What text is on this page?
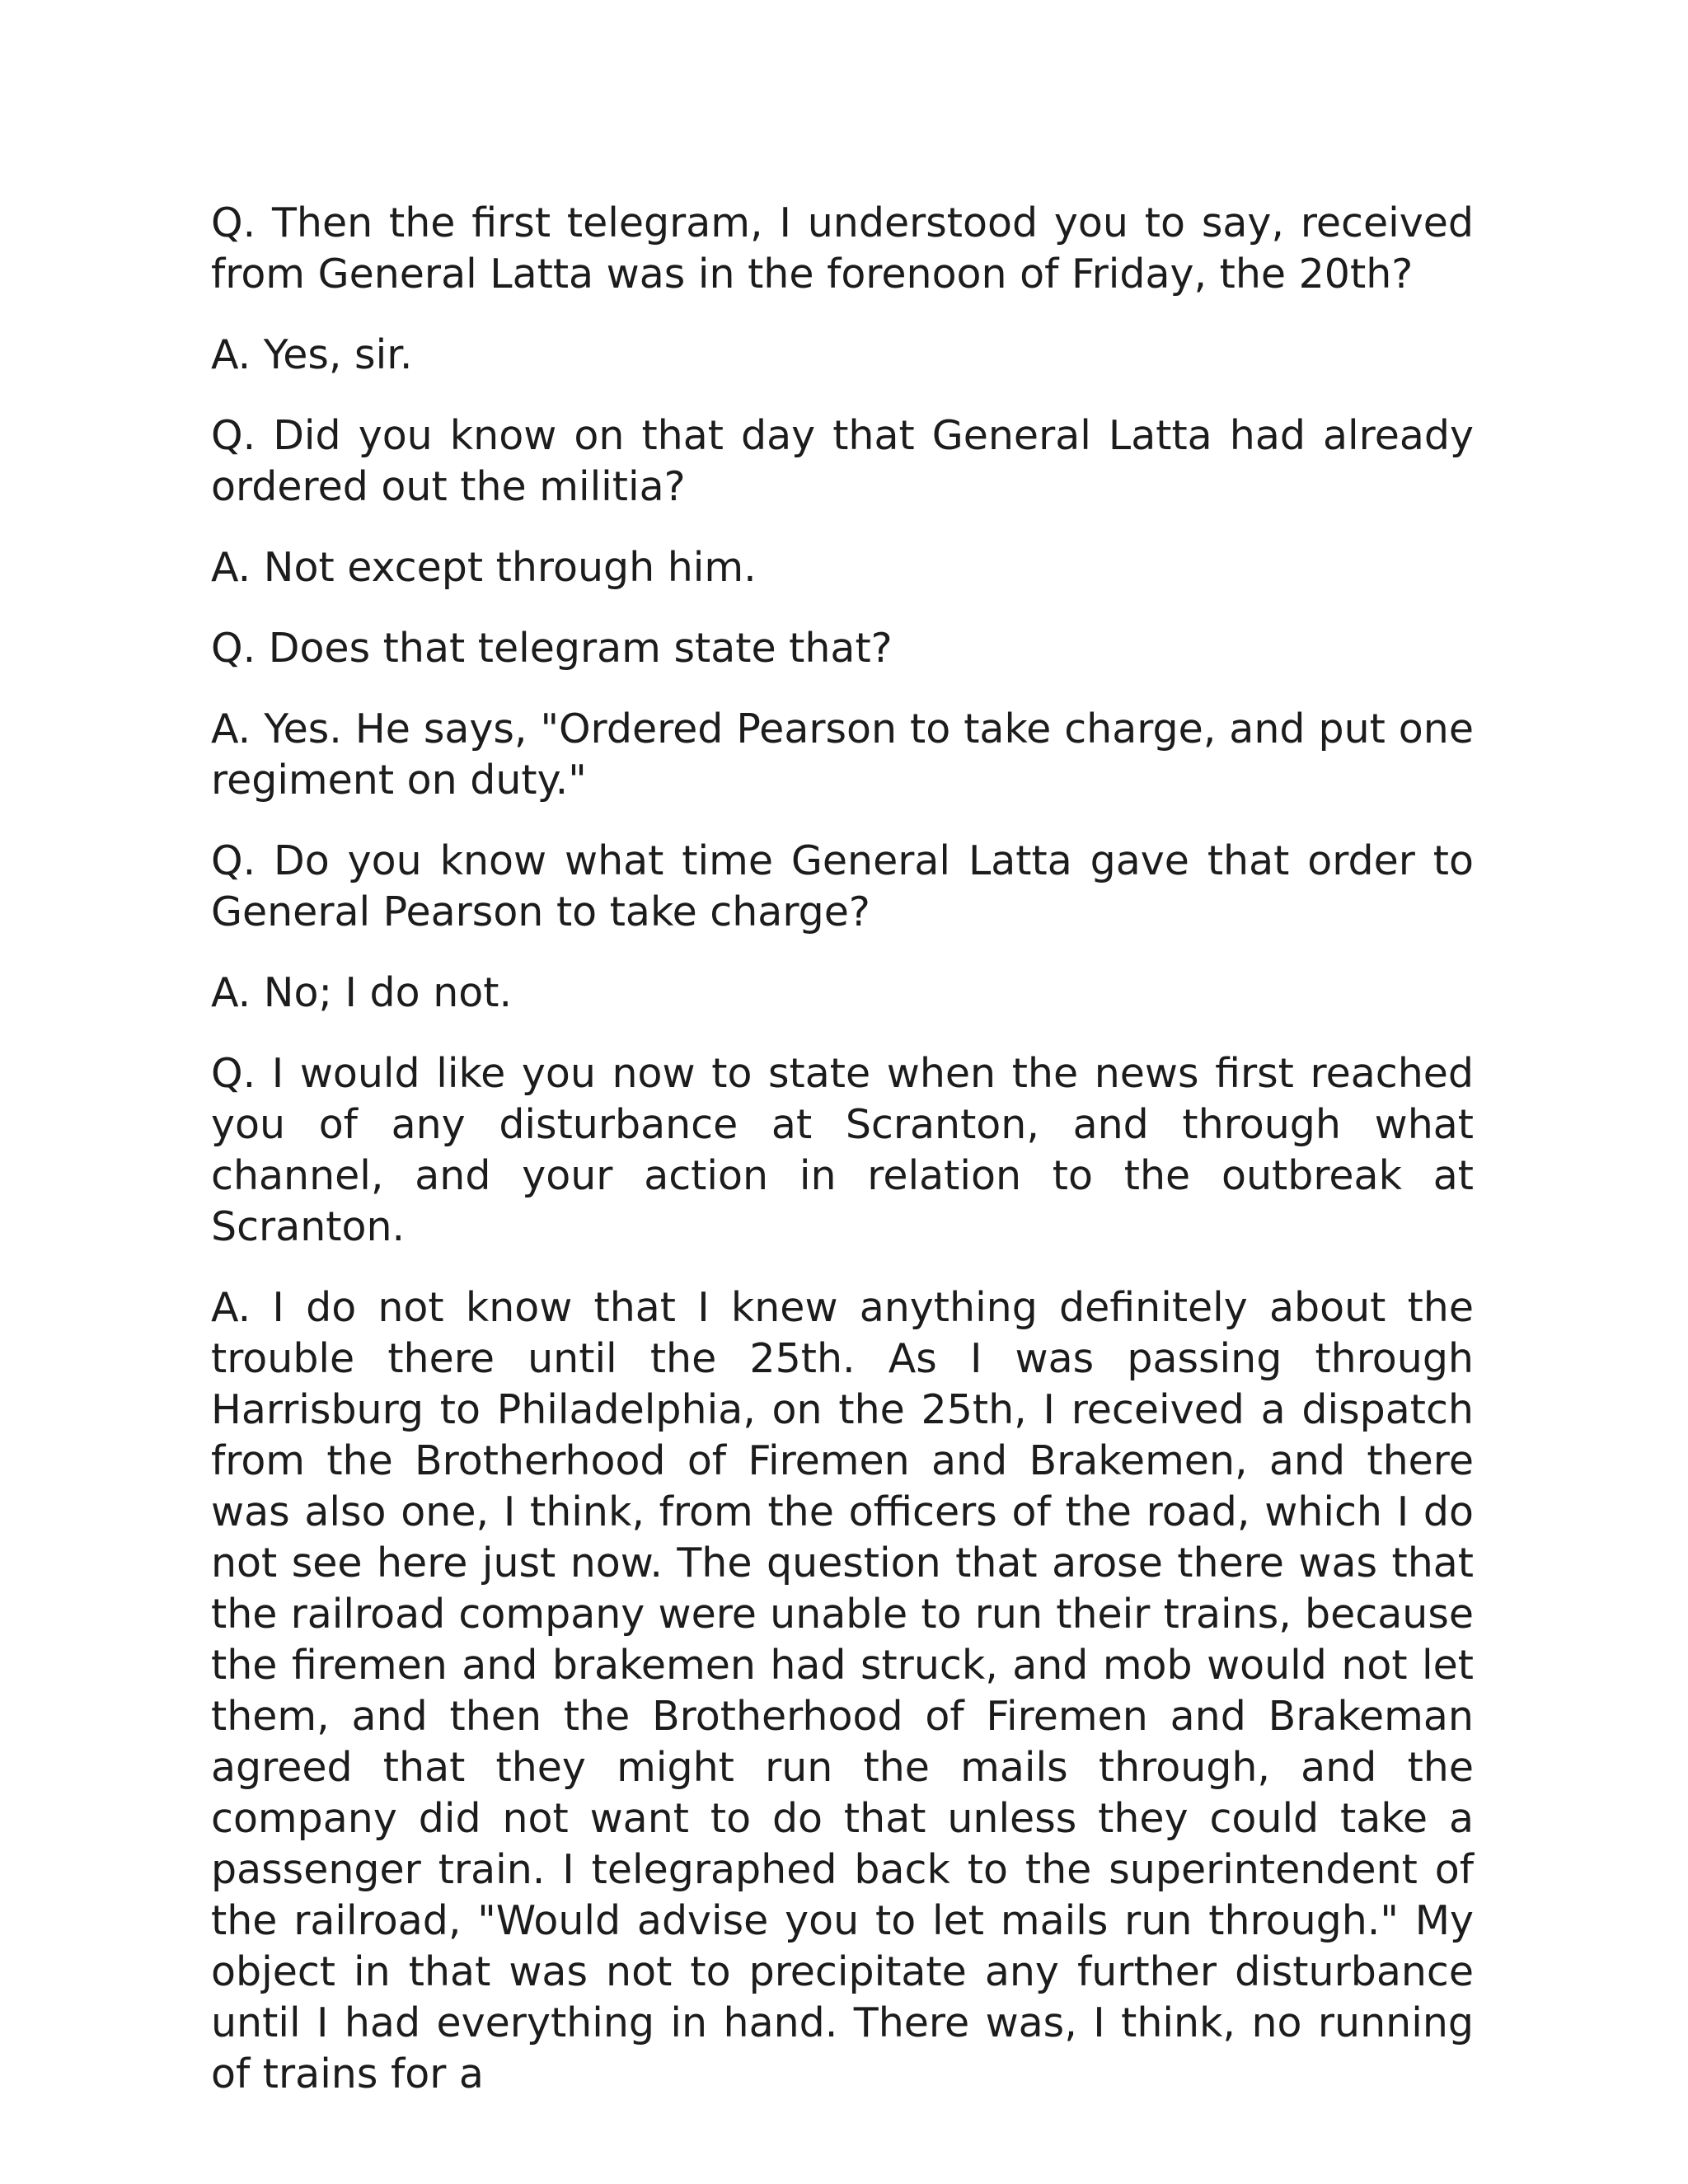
Q. Then the first telegram, I understood you to say, received from General Latta was in the forenoon of Friday, the 20th?

A. Yes, sir.

Q. Did you know on that day that General Latta had already ordered out the militia?

A. Not except through him.

Q. Does that telegram state that?

A. Yes. He says, "Ordered Pearson to take charge, and put one regiment on duty."

Q. Do you know what time General Latta gave that order to General Pearson to take charge?

A. No; I do not.

Q. I would like you now to state when the news first reached you of any disturbance at Scranton, and through what channel, and your action in relation to the outbreak at Scranton.

A. I do not know that I knew anything definitely about the trouble there until the 25th. As I was passing through Harrisburg to Philadelphia, on the 25th, I received a dispatch from the Brotherhood of Firemen and Brakemen, and there was also one, I think, from the officers of the road, which I do not see here just now. The question that arose there was that the railroad company were unable to run their trains, because the firemen and brakemen had struck, and mob would not let them, and then the Brotherhood of Firemen and Brakeman agreed that they might run the mails through, and the company did not want to do that unless they could take a passenger train. I telegraphed back to the superintendent of the railroad, "Would advise you to let mails run through." My object in that was not to precipitate any further disturbance until I had everything in hand. There was, I think, no running of trains for a
